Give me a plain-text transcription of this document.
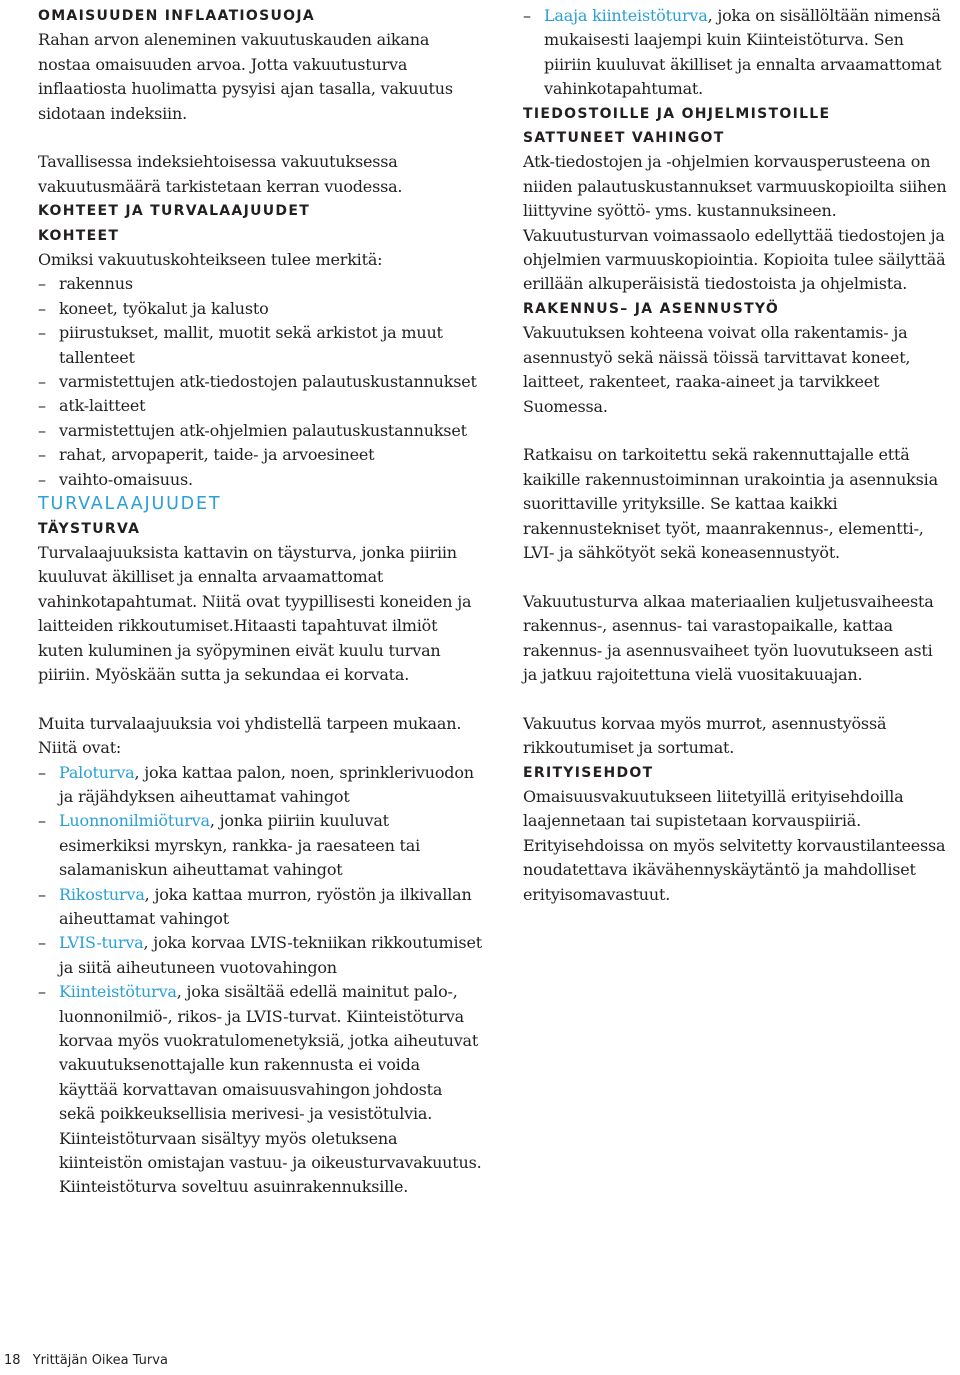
OMAISUUDEN INFLAATIOSUOJA

Rahan arvon aleneminen vakuutuskauden aikana nostaa omaisuuden arvoa. Jotta vakuutusturva inflaatiosta huolimatta pysyisi ajan tasalla, vakuutus sidotaan indeksiin.

Tavallisessa indeksiehtoisessa vakuutuksessa vakuutusmäärä tarkistetaan kerran vuodessa.

KOHTEET JA TURVALAAJUUDET
KOHTEET

Omiksi vakuutuskohteikseen tulee merkitä:

– rakennus
– koneet, työkalut ja kalusto
– piirustukset, mallit, muotit sekä arkistot ja muut tallenteet
– varmistettujen atk-tiedostojen palautuskustannukset
– atk-laitteet
– varmistettujen atk-ohjelmien palautuskustannukset
– rahat, arvopaperit, taide- ja arvoesineet
– vaihto-omaisuus.
TURVALAAJUUDET
TÄYSTURVA

Turvalaajuuksista kattavin on täysturva, jonka piiriin kuuluvat äkilliset ja ennalta arvaamattomat vahinkotapahtumat. Niitä ovat tyypillisesti koneiden ja laitteiden rikkoutumiset.Hitaasti tapahtuvat ilmiöt kuten kuluminen ja syöpyminen eivät kuulu turvan piiriin. Myöskään sutta ja sekundaa ei korvata.

Muita turvalaajuuksia voi yhdistellä tarpeen mukaan. Niitä ovat:

– Paloturva, joka kattaa palon, noen, sprinklerivuodon ja räjähdyksen aiheuttamat vahingot
– Luonnonilmiöturva, jonka piiriin kuuluvat esimerkiksi myrskyn, rankka- ja raesateen tai salamaniskun aiheuttamat vahingot
– Rikosturva, joka kattaa murron, ryöstön ja ilkivallan aiheuttamat vahingot
– LVIS-turva, joka korvaa LVIS-tekniikan rikkoutumiset ja siitä aiheutuneen vuotovahingon
– Kiinteistöturva, joka sisältää edellä mainitut palo-, luonnonilmiö-, rikos- ja LVIS-turvat. Kiinteistöturva korvaa myös vuokratulomenetyksiä, jotka aiheutuvat vakuutuksenottajalle kun rakennusta ei voida käyttää korvattavan omaisuusvahingon johdosta sekä poikkeuksellisia merivesi- ja vesistötulvia. Kiinteistöturvaan sisältyy myös oletuksena kiinteistön omistajan vastuu- ja oikeusturvavakuutus. Kiinteistöturva soveltuu asuinrakennuksille.
– Laaja kiinteistöturva, joka on sisällöltään nimensä mukaisesti laajempi kuin Kiinteistöturva. Sen piiriin kuuluvat äkilliset ja ennalta arvaamattomat vahinkotapahtumat.
TIEDOSTOILLE JA OHJELMISTOILLE
SATTUNEET VAHINGOT

Atk-tiedostojen ja -ohjelmien korvausperusteena on niiden palautuskustannukset varmuuskopioilta siihen liittyvine syöttö- yms. kustannuksineen. Vakuutusturvan voimassaolo edellyttää tiedostojen ja ohjelmien varmuuskopiointia. Kopioita tulee säilyttää erillään alkuperäisistä tiedostoista ja ohjelmista.

RAKENNUS– JA ASENNUSTYÖ

Vakuutuksen kohteena voivat olla rakentamis- ja asennustyö sekä näissä töissä tarvittavat koneet, laitteet, rakenteet, raaka-aineet ja tarvikkeet Suomessa.

Ratkaisu on tarkoitettu sekä rakennuttajalle että kaikille rakennustoiminnan urakointia ja asennuksia suorittaville yrityksille. Se kattaa kaikki rakennustekniset työt, maanrakennus-, elementti-, LVI- ja sähkötyöt sekä koneasennustyöt.

Vakuutusturva alkaa materiaalien kuljetusvaiheesta rakennus-, asennus- tai varastopaikalle, kattaa rakennus- ja asennusvaiheet työn luovutukseen asti ja jatkuu rajoitettuna vielä vuositakuuajan.

Vakuutus korvaa myös murrot, asennustyössä rikkoutumiset ja sortumat.

ERITYISEHDOT

Omaisuusvakuutukseen liitetyillä erityisehdoilla laajennetaan tai supistetaan korvauspiiriä. Erityisehdoissa on myös selvitetty korvaustilanteessa noudatettava ikävähennyskäytäntö ja mahdolliset erityisomavastuut.

18 Yrittäjän Oikea Turva
